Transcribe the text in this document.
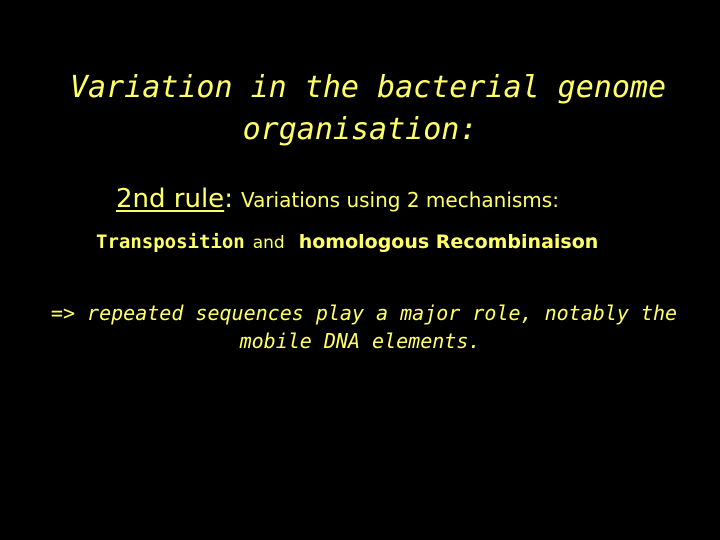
Variation in the bacterial genome
organisation:
2nd rule: Variations using 2 mechanisms:
Transposition and homologous Recombinaison
=> repeated sequences play a major role, notably the
mobile DNA elements.
